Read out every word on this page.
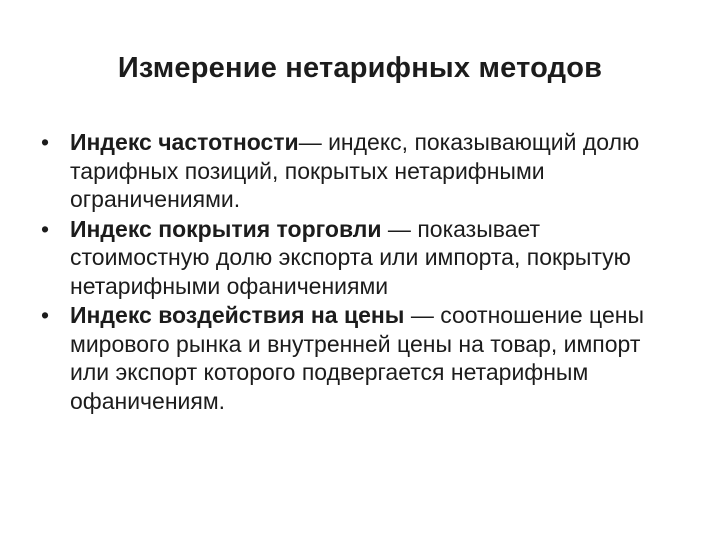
Измерение нетарифных методов
• Индекс частотности— индекс, показывающий долю тарифных позиций, покрытых нетарифными ограничениями.
• Индекс покрытия торговли — показывает стоимостную долю экспорта или импорта, покрытую нетарифными офаничениями
• Индекс воздействия на цены — соотношение цены мирового рынка и внутренней цены на товар, импорт или экспорт которого подвергается нетарифным офаничениям.
